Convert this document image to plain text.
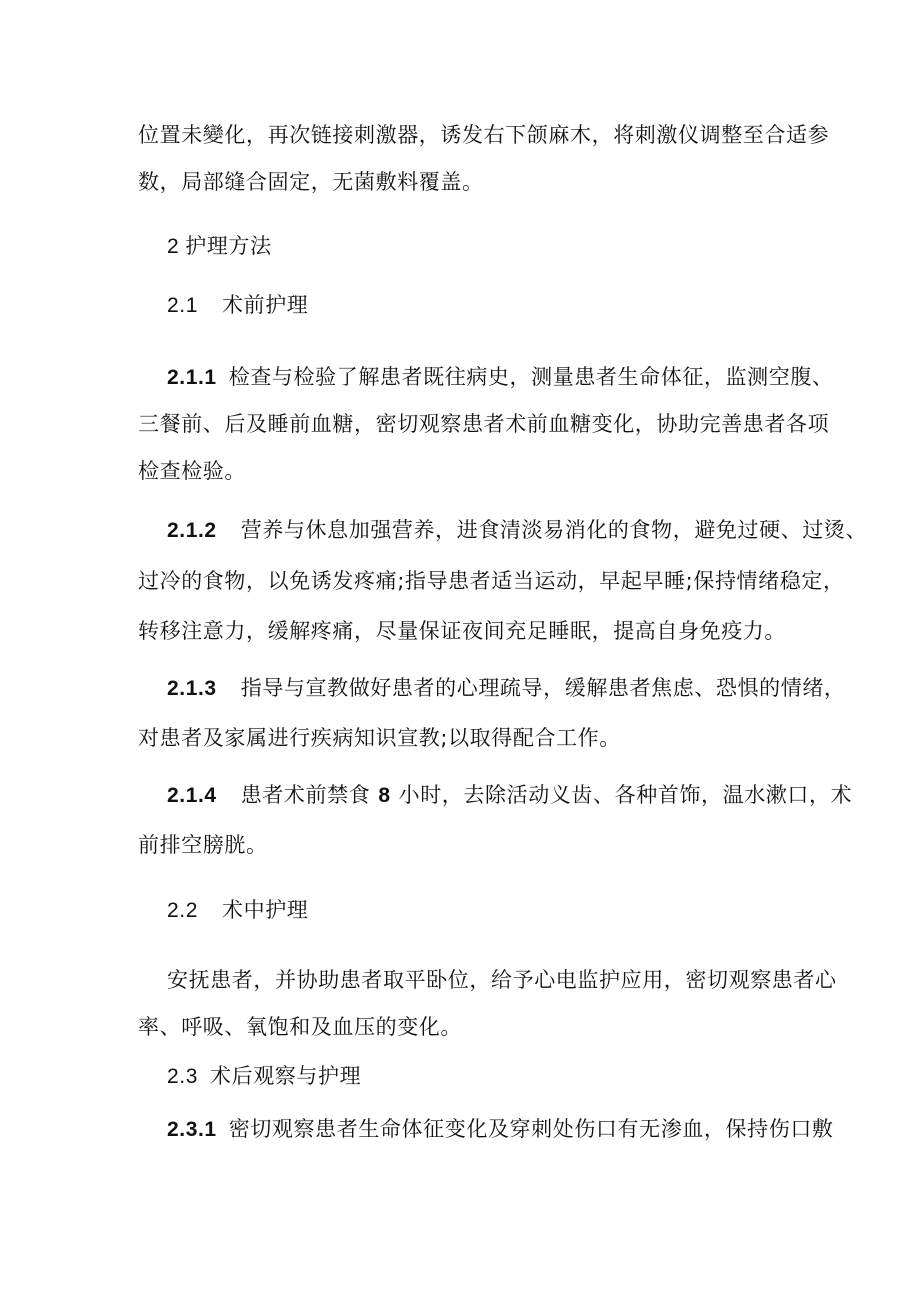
位置未變化，再次链接刺激器，诱发右下颌麻木，将刺激仪调整至合适参
数，局部缝合固定，无菌敷料覆盖。
2 护理方法
2.1 术前护理
2.1.1 检查与检验了解患者既往病史，测量患者生命体征，监测空腹、
三餐前、后及睡前血糖，密切观察患者术前血糖变化，协助完善患者各项
检查检验。
2.1.2 营养与休息加强营养，进食清淡易消化的食物，避免过硬、过烫、
过冷的食物，以免诱发疼痛;指导患者适当运动，早起早睡;保持情绪稳定，
转移注意力，缓解疼痛，尽量保证夜间充足睡眠，提高自身免疫力。
2.1.3 指导与宣教做好患者的心理疏导，缓解患者焦虑、恐惧的情绪，
对患者及家属进行疾病知识宣教;以取得配合工作。
2.1.4 患者术前禁食 8 小时，去除活动义齿、各种首饰，温水漱口，术
前排空膀胱。
2.2 术中护理
安抚患者，并协助患者取平卧位，给予心电监护应用，密切观察患者心
率、呼吸、氧饱和及血压的变化。
2.3 术后观察与护理
2.3.1 密切观察患者生命体征变化及穿刺处伤口有无渗血，保持伤口敷
